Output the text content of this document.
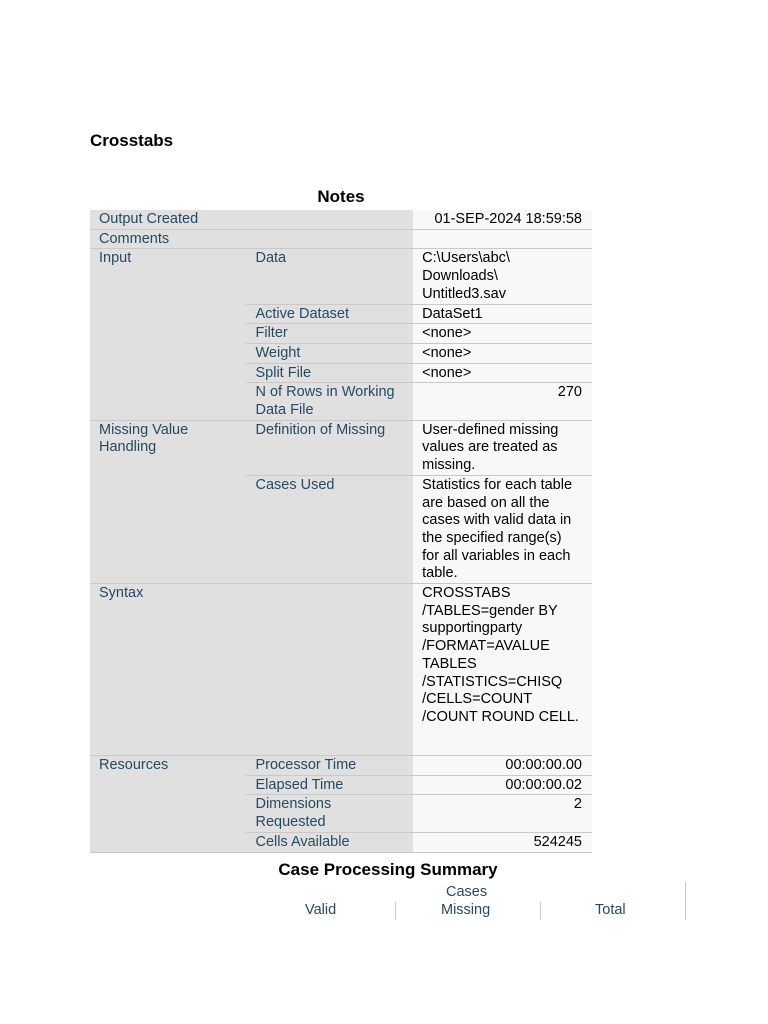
Crosstabs
Notes
Output Created		01-SEP-2024 18:59:58
Comments		
Input	Data	C:\Users\abc\ Downloads\ Untitled3.sav
	Active Dataset	DataSet1
	Filter	<none>
	Weight	<none>
	Split File	<none>
	N of Rows in Working Data File	270
Missing Value Handling	Definition of Missing	User-defined missing values are treated as missing.
	Cases Used	Statistics for each table are based on all the cases with valid data in the specified range(s) for all variables in each table.
Syntax		CROSSTABS /TABLES=gender BY supportingparty /FORMAT=AVALUE TABLES /STATISTICS=CHISQ /CELLS=COUNT /COUNT ROUND CELL.
Resources	Processor Time	00:00:00.00
	Elapsed Time	00:00:00.02
	Dimensions Requested	2
	Cells Available	524245
Case Processing Summary
Cases
Valid	Missing	Total
